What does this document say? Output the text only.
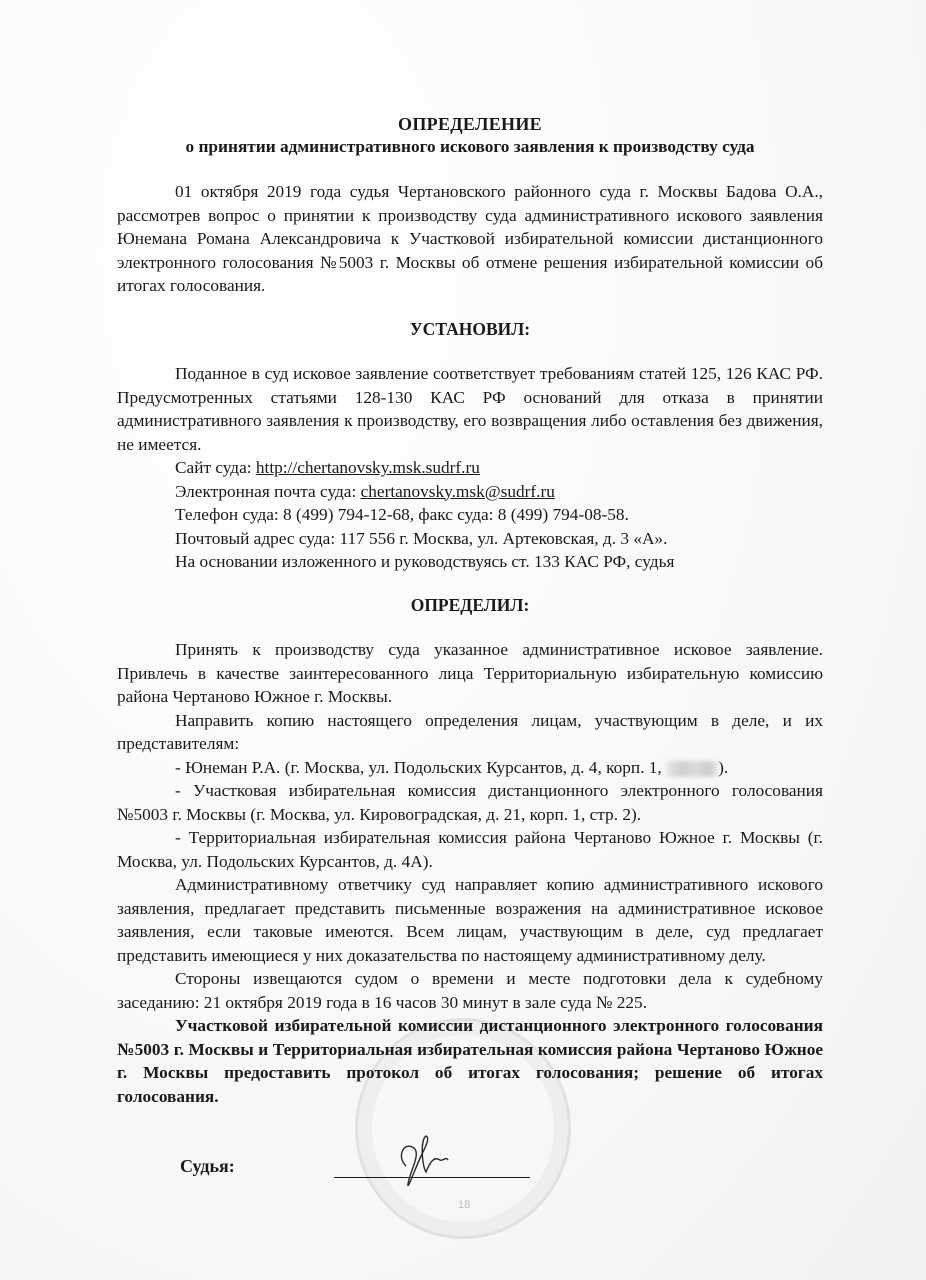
18
ОПРЕДЕЛЕНИЕ
о принятии административного искового заявления к производству суда

01 октября 2019 года судья Чертановского районного суда г. Москвы Бадова О.А., рассмотрев вопрос о принятии к производству суда административного искового заявления Юнемана Романа Александровича к Участковой избирательной комиссии дистанционного электронного голосования №5003 г. Москвы об отмене решения избирательной комиссии об итогах голосования.

УСТАНОВИЛ:

Поданное в суд исковое заявление соответствует требованиям статей 125, 126 КАС РФ. Предусмотренных статьями 128-130 КАС РФ оснований для отказа в принятии административного заявления к производству, его возвращения либо оставления без движения, не имеется.

Сайт суда: http://chertanovsky.msk.sudrf.ru
Электронная почта суда: chertanovsky.msk@sudrf.ru
Телефон суда: 8 (499) 794-12-68, факс суда: 8 (499) 794-08-58.
Почтовый адрес суда: 117 556 г. Москва, ул. Артековская, д. 3 «А».
На основании изложенного и руководствуясь ст. 133 КАС РФ, судья
ОПРЕДЕЛИЛ:

Принять к производству суда указанное административное исковое заявление. Привлечь в качестве заинтересованного лица Территориальную избирательную комиссию района Чертаново Южное г. Москвы.

Направить копию настоящего определения лицам, участвующим в деле, и их представителям:

- Юнеман Р.А. (г. Москва, ул. Подольских Курсантов, д. 4, корп. 1,	).

- Участковая избирательная комиссия дистанционного электронного голосования №5003 г. Москвы (г. Москва, ул. Кировоградская, д. 21, корп. 1, стр. 2).

- Территориальная избирательная комиссия района Чертаново Южное г. Москвы (г. Москва, ул. Подольских Курсантов, д. 4А).

Административному ответчику суд направляет копию административного искового заявления, предлагает представить письменные возражения на административное исковое заявления, если таковые имеются. Всем лицам, участвующим в деле, суд предлагает представить имеющиеся у них доказательства по настоящему административному делу.

Стороны извещаются судом о времени и месте подготовки дела к судебному заседанию: 21 октября 2019 года в 16 часов 30 минут в зале суда № 225.

Участковой избирательной комиссии дистанционного электронного голосования №5003 г. Москвы и Территориальная избирательная комиссия района Чертаново Южное г. Москвы предоставить протокол об итогах голосования; решение об итогах голосования.

Судья:
